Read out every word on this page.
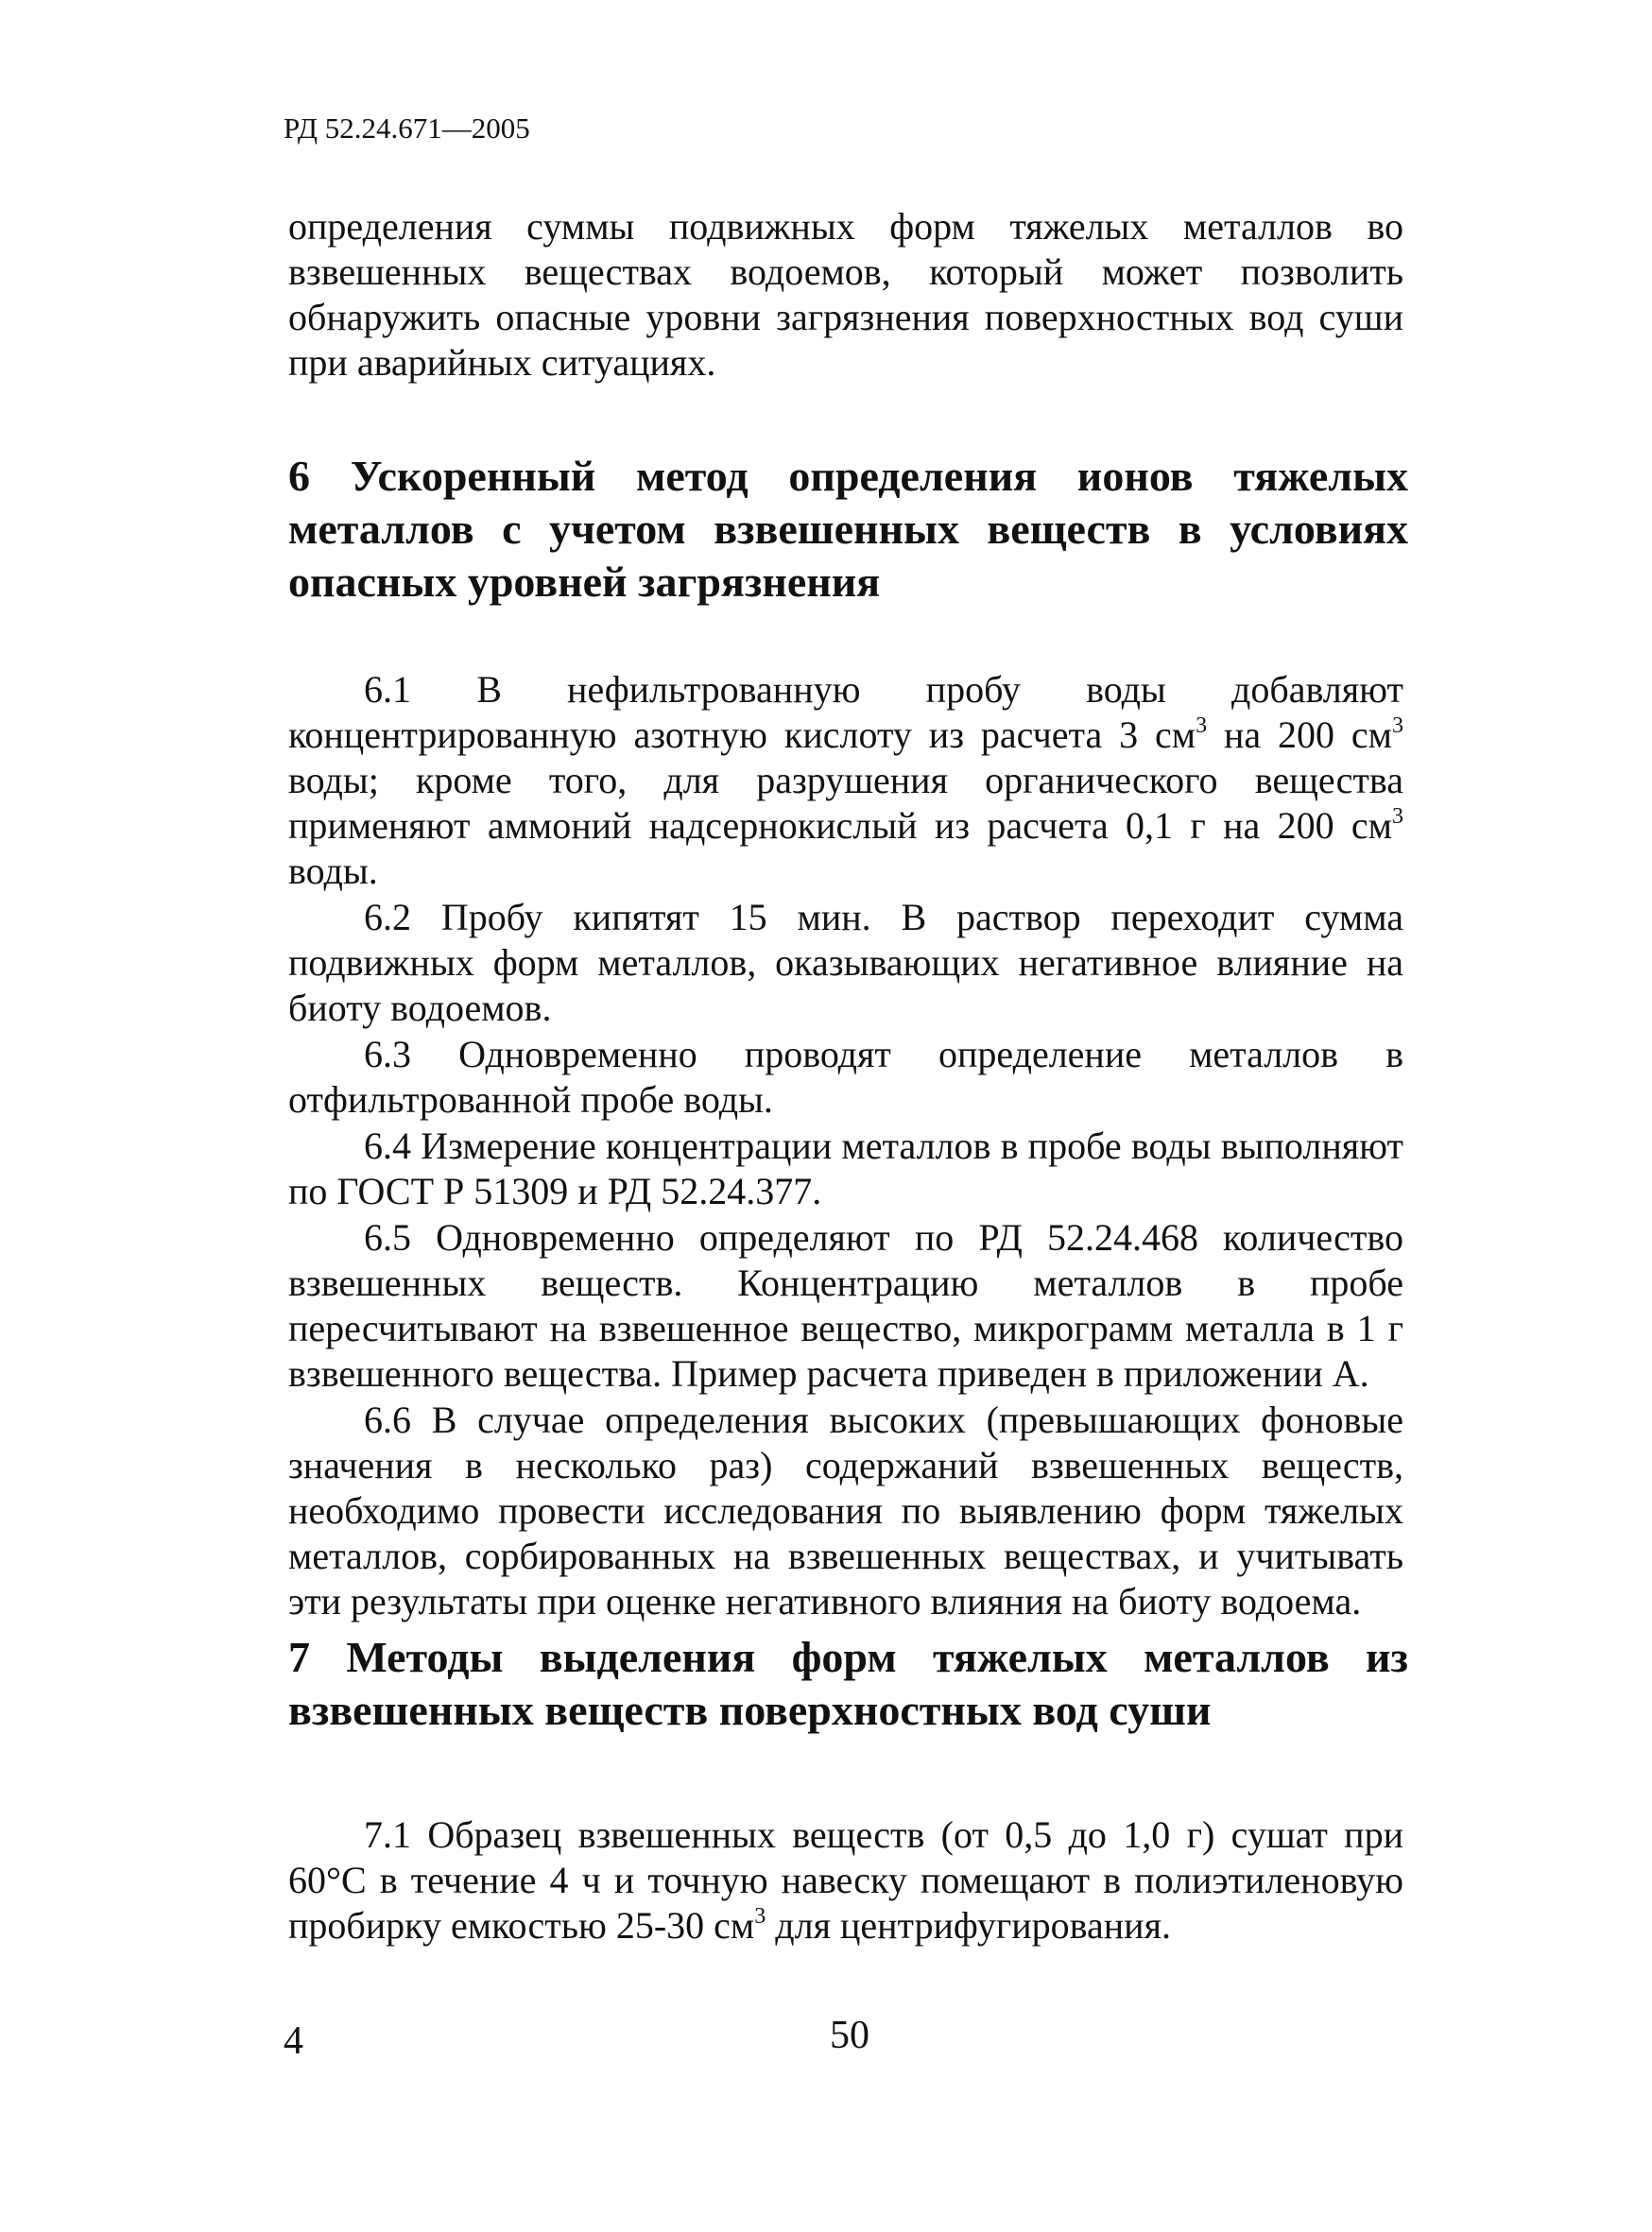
РД 52.24.671—2005

определения суммы подвижных форм тяжелых металлов во взвешенных веществах водоемов, который может позволить обнаружить опасные уровни загрязнения поверхностных вод суши при аварийных ситуациях.

6 Ускоренный метод определения ионов тяжелых металлов с учетом взвешенных веществ в условиях опасных уровней загрязнения

6.1 В нефильтрованную пробу воды добавляют концентрированную азотную кислоту из расчета 3 $см^3$ на 200 $см^3$ воды; кроме того, для разрушения органического вещества применяют аммоний надсернокислый из расчета 0,1 г на 200 $см^3$ воды.

6.2 Пробу кипятят 15 мин. В раствор переходит сумма подвижных форм металлов, оказывающих негативное влияние на биоту водоемов.

6.3 Одновременно проводят определение металлов в отфильтрованной пробе воды.

6.4 Измерение концентрации металлов в пробе воды выполняют по ГОСТ Р 51309 и РД 52.24.377.

6.5 Одновременно определяют по РД 52.24.468 количество взвешенных веществ. Концентрацию металлов в пробе пересчитывают на взвешенное вещество, микрограмм металла в 1 г взвешенного вещества. Пример расчета приведен в приложении А.

6.6 В случае определения высоких (превышающих фоновые значения в несколько раз) содержаний взвешенных веществ, необходимо провести исследования по выявлению форм тяжелых металлов, сорбированных на взвешенных веществах, и учитывать эти результаты при оценке негативного влияния на биоту водоема.

7 Методы выделения форм тяжелых металлов из взвешенных веществ поверхностных вод суши

7.1 Образец взвешенных веществ (от 0,5 до 1,0 г) сушат при 60°С в течение 4 ч и точную навеску помещают в полиэтиленовую пробирку емкостью 25-30 $см^3$ для центрифугирования.

4	50
